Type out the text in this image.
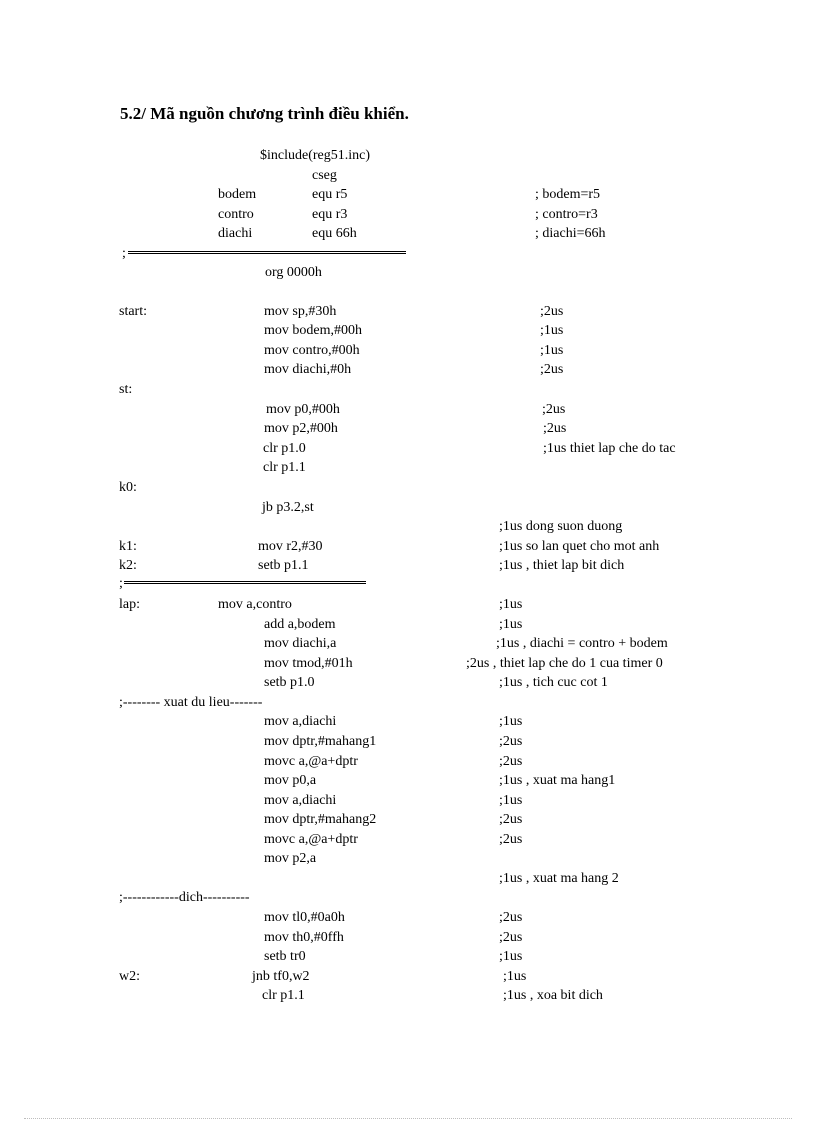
5.2/ Mã nguồn chương trình điều khiển.
$include(reg51.inc)
cseg
bodem	equ r5	; bodem=r5
contro	equ r3	; contro=r3
diachi	equ 66h	; diachi=66h
;
org 0000h
start:	mov sp,#30h	;2us
mov bodem,#00h	;1us
mov contro,#00h	;1us
mov diachi,#0h	;2us
st:
mov p0,#00h	;2us
mov p2,#00h	;2us
clr p1.0	;1us thiet lap che do tac
clr p1.1
k0:
jb p3.2,st
;1us dong suon duong
k1:	mov r2,#30	;1us so lan quet cho mot anh
k2:	setb p1.1	;1us , thiet lap bit dich
;
lap:	mov a,contro	;1us
add a,bodem	;1us
mov diachi,a	;1us , diachi = contro + bodem
mov tmod,#01h	;2us , thiet lap che do 1 cua timer 0
setb p1.0	;1us , tich cuc cot 1
;-------- xuat du lieu-------
mov a,diachi	;1us
mov dptr,#mahang1	;2us
movc a,@a+dptr	;2us
mov p0,a	;1us , xuat ma hang1
mov a,diachi	;1us
mov dptr,#mahang2	;2us
movc a,@a+dptr	;2us
mov p2,a
;1us , xuat ma hang 2
;------------dich----------
mov tl0,#0a0h	;2us
mov th0,#0ffh	;2us
setb tr0	;1us
w2:	jnb tf0,w2	;1us
clr p1.1	;1us , xoa bit dich
